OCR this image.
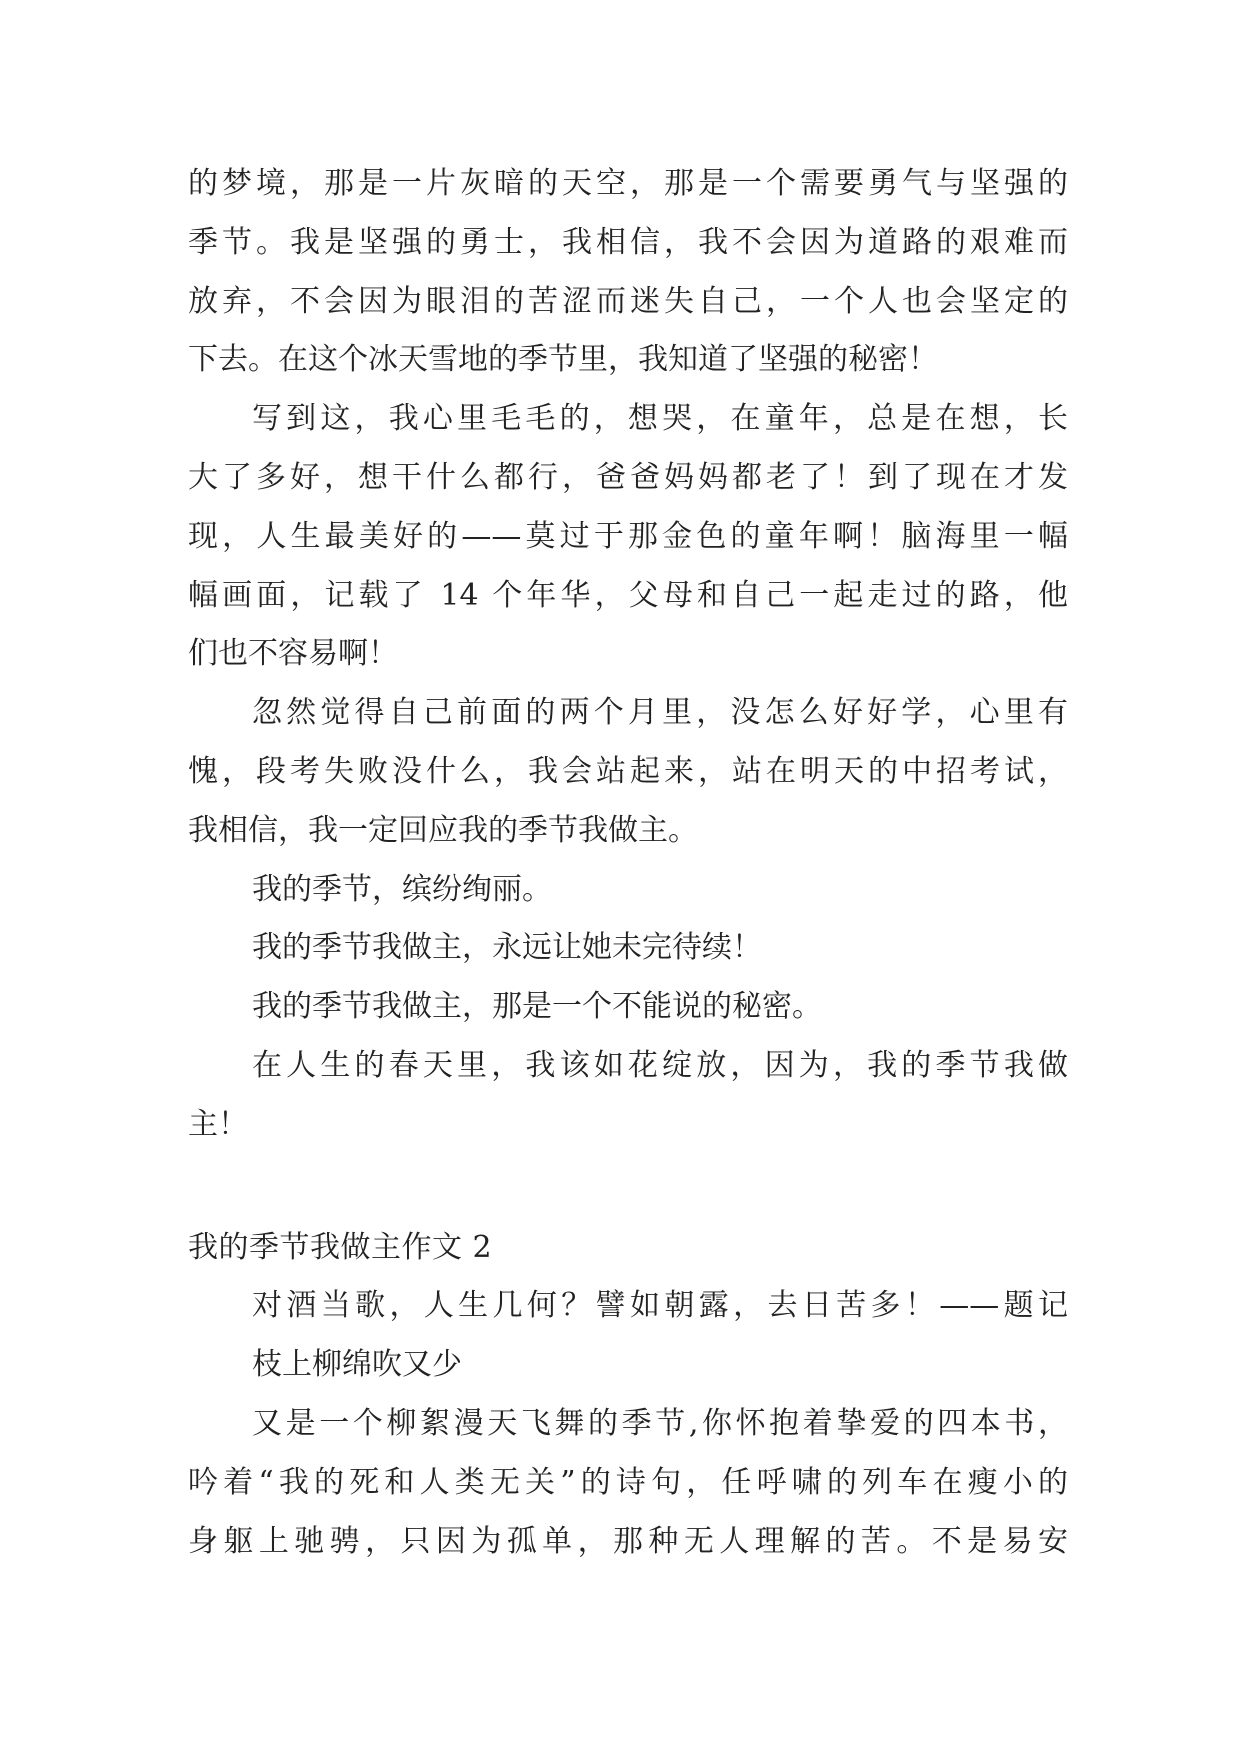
的梦境，那是一片灰暗的天空，那是一个需要勇气与坚强的
季节。我是坚强的勇士，我相信，我不会因为道路的艰难而
放弃，不会因为眼泪的苦涩而迷失自己，一个人也会坚定的
下去。在这个冰天雪地的季节里，我知道了坚强的秘密！
写到这，我心里毛毛的，想哭，在童年，总是在想，长
大了多好，想干什么都行，爸爸妈妈都老了！到了现在才发
现，人生最美好的——莫过于那金色的童年啊！脑海里一幅
幅画面，记载了 14 个年华，父母和自己一起走过的路，他
们也不容易啊！
忽然觉得自己前面的两个月里，没怎么好好学，心里有
愧，段考失败没什么，我会站起来，站在明天的中招考试，
我相信，我一定回应我的季节我做主。
我的季节，缤纷绚丽。
我的季节我做主，永远让她未完待续！
我的季节我做主，那是一个不能说的秘密。
在人生的春天里，我该如花绽放，因为，我的季节我做
主！
我的季节我做主作文 2
对酒当歌，人生几何？譬如朝露，去日苦多！——题记
枝上柳绵吹又少
又是一个柳絮漫天飞舞的季节,你怀抱着挚爱的四本书，
吟着“我的死和人类无关”的诗句，任呼啸的列车在瘦小的
身躯上驰骋，只因为孤单，那种无人理解的苦。不是易安
